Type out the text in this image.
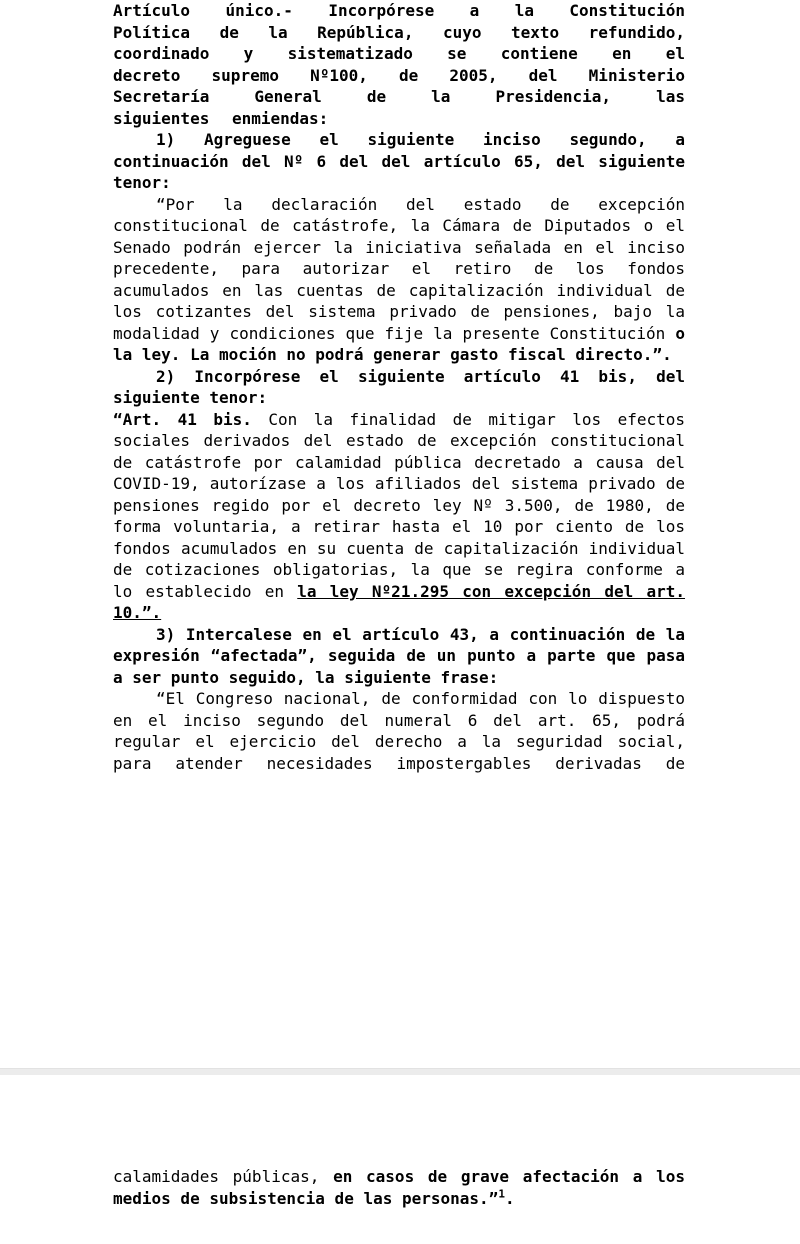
Artículo único.- Incorpórese a la Constitución Política de la República, cuyo texto refundido, coordinado y sistematizado se contiene en el decreto supremo Nº100, de 2005, del Ministerio Secretaría General de la Presidencia, las siguientes enmiendas:

1) Agreguese el siguiente inciso segundo, a continuación del Nº 6 del del artículo 65, del siguiente tenor:

“Por la declaración del estado de excepción constitucional de catástrofe, la Cámara de Diputados o el Senado podrán ejercer la iniciativa señalada en el inciso precedente, para autorizar el retiro de los fondos acumulados en las cuentas de capitalización individual de los cotizantes del sistema privado de pensiones, bajo la modalidad y condiciones que fije la presente Constitución o la ley. La moción no podrá generar gasto fiscal directo.”.

2) Incorpórese el siguiente artículo 41 bis, del siguiente tenor:

“Art. 41 bis. Con la finalidad de mitigar los efectos sociales derivados del estado de excepción constitucional de catástrofe por calamidad pública decretado a causa del COVID-19, autorízase a los afiliados del sistema privado de pensiones regido por el decreto ley Nº 3.500, de 1980, de forma voluntaria, a retirar hasta el 10 por ciento de los fondos acumulados en su cuenta de capitalización individual de cotizaciones obligatorias, la que se regira conforme a lo establecido en la ley Nº21.295 con excepción del art. 10.”.

3) Intercalese en el artículo 43, a continuación de la expresión “afectada”, seguida de un punto a parte que pasa a ser punto seguido, la siguiente frase:

“El Congreso nacional, de conformidad con lo dispuesto en el inciso segundo del numeral 6 del art. 65, podrá regular el ejercicio del derecho a la seguridad social, para atender necesidades impostergables derivadas de

calamidades públicas, en casos de grave afectación a los medios de subsistencia de las personas.”$^1$.
